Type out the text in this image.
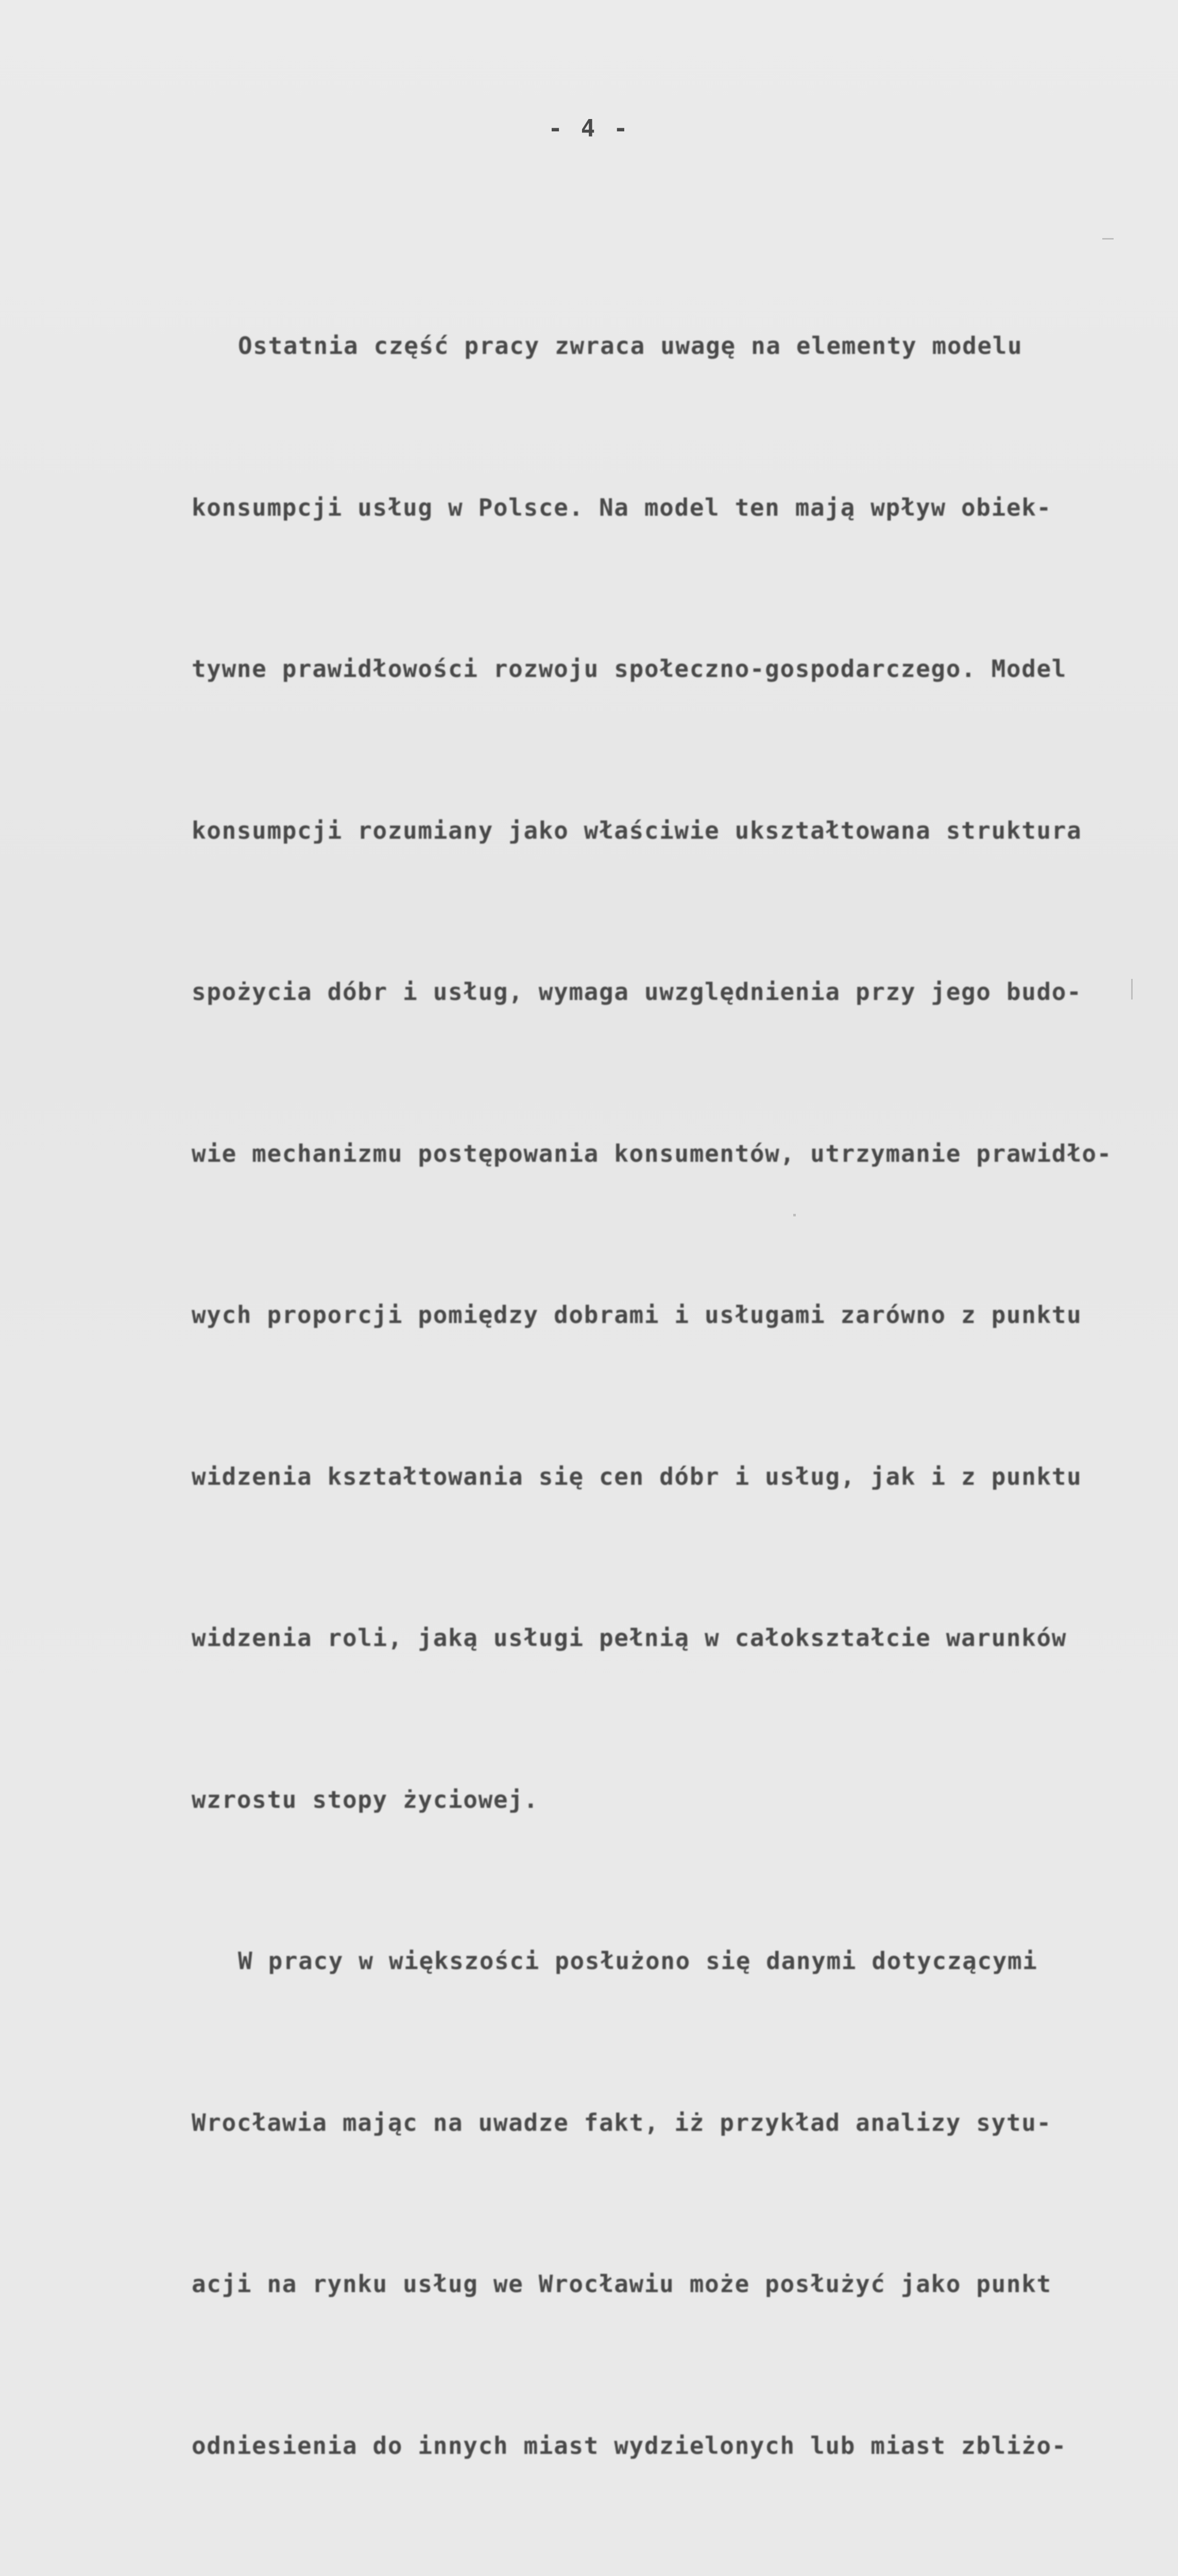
- 4 -

Ostatnia część pracy zwraca uwagę na elementy modelu

konsumpcji usług w Polsce. Na model ten mają wpływ obiek-

tywne prawidłowości rozwoju społeczno-gospodarczego. Model

konsumpcji rozumiany jako właściwie ukształtowana struktura

spożycia dóbr i usług, wymaga uwzględnienia przy jego budo-

wie mechanizmu postępowania konsumentów, utrzymanie prawidło-

wych proporcji pomiędzy dobrami i usługami zarówno z punktu

widzenia kształtowania się cen dóbr i usług, jak i z punktu

widzenia roli, jaką usługi pełnią w całokształcie warunków

wzrostu stopy życiowej.

W pracy w większości posłużono się danymi dotyczącymi

Wrocławia mając na uwadze fakt, iż przykład analizy sytu-

acji na rynku usług we Wrocławiu może posłużyć jako punkt

odniesienia do innych miast wydzielonych lub miast zbliżo-
